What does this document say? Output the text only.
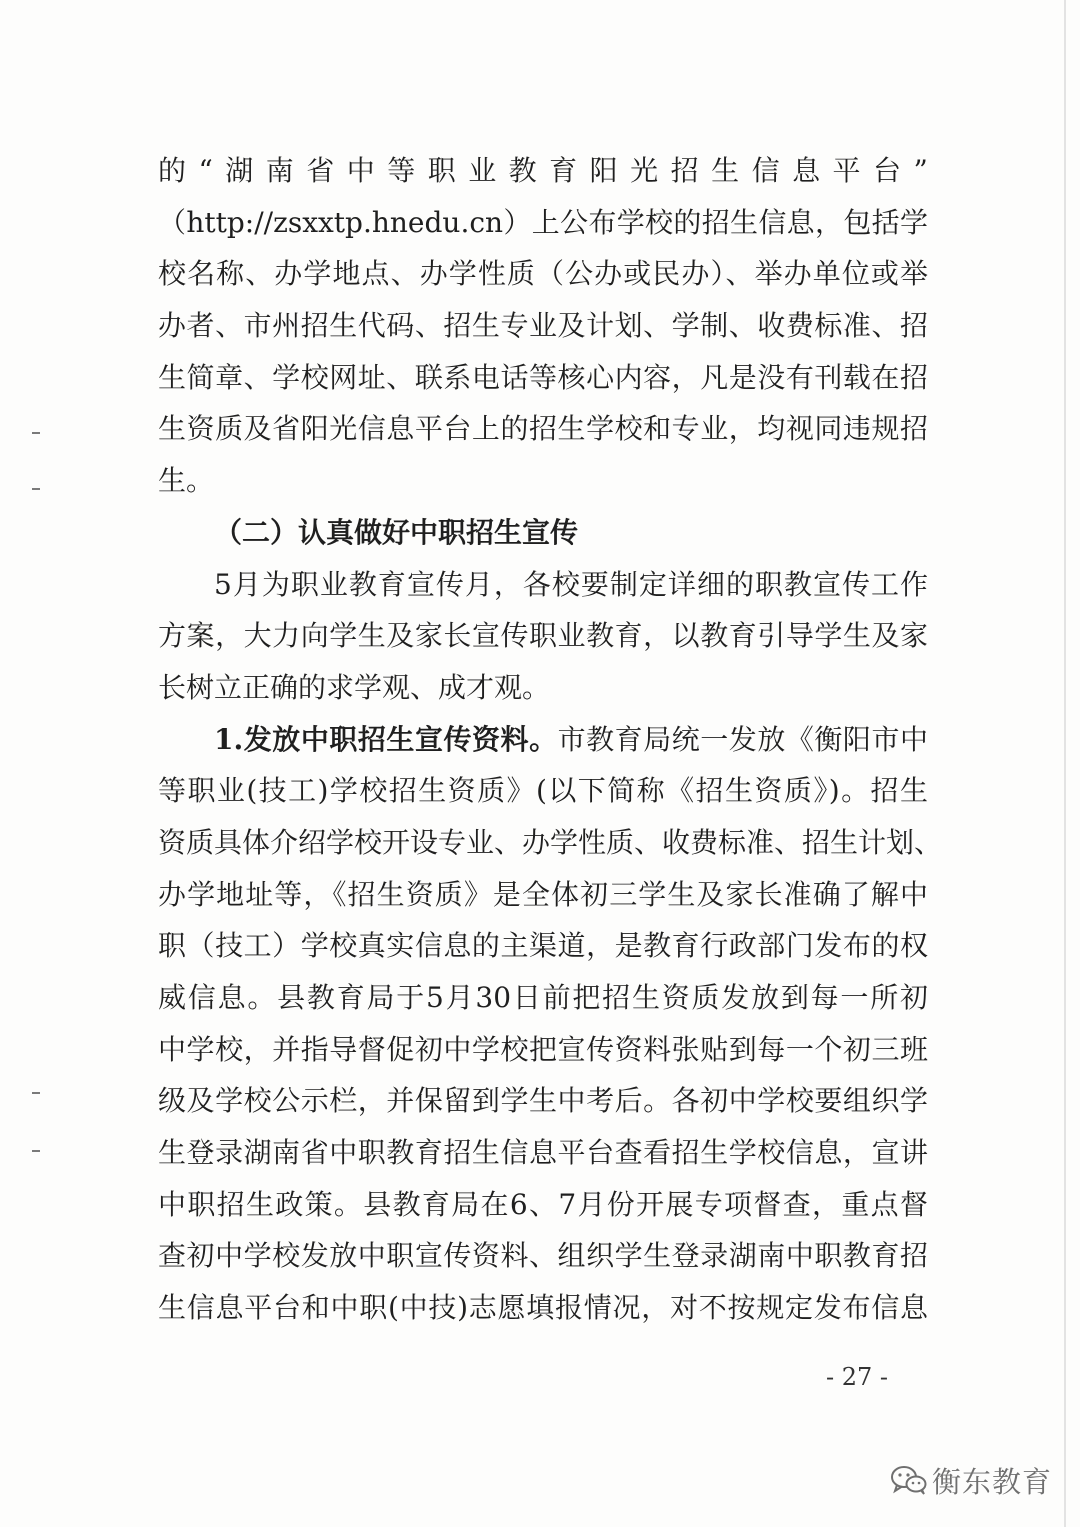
的 “ 湖 南 省 中 等 职 业 教 育 阳 光 招 生 信 息 平 台 ”
（http://zsxxtp.hnedu.cn）上公布学校的招生信息，包括学
校名称、办学地点、办学性质（公办或民办）、举办单位或举
办者、市州招生代码、招生专业及计划、学制、收费标准、招
生简章、学校网址、联系电话等核心内容，凡是没有刊载在招
生资质及省阳光信息平台上的招生学校和专业，均视同违规招
生。
（二）认真做好中职招生宣传
5月为职业教育宣传月，各校要制定详细的职教宣传工作
方案，大力向学生及家长宣传职业教育，以教育引导学生及家
长树立正确的求学观、成才观。
1.发放中职招生宣传资料。市教育局统一发放《衡阳市中
等职业(技工)学校招生资质》(以下简称《招生资质》)。招生
资质具体介绍学校开设专业、办学性质、收费标准、招生计划、
办学地址等，《招生资质》是全体初三学生及家长准确了解中
职（技工）学校真实信息的主渠道，是教育行政部门发布的权
威信息。县教育局于5月30日前把招生资质发放到每一所初
中学校，并指导督促初中学校把宣传资料张贴到每一个初三班
级及学校公示栏，并保留到学生中考后。各初中学校要组织学
生登录湖南省中职教育招生信息平台查看招生学校信息，宣讲
中职招生政策。县教育局在6、7月份开展专项督查，重点督
查初中学校发放中职宣传资料、组织学生登录湖南中职教育招
生信息平台和中职(中技)志愿填报情况，对不按规定发布信息
- 27 -
衡东教育
